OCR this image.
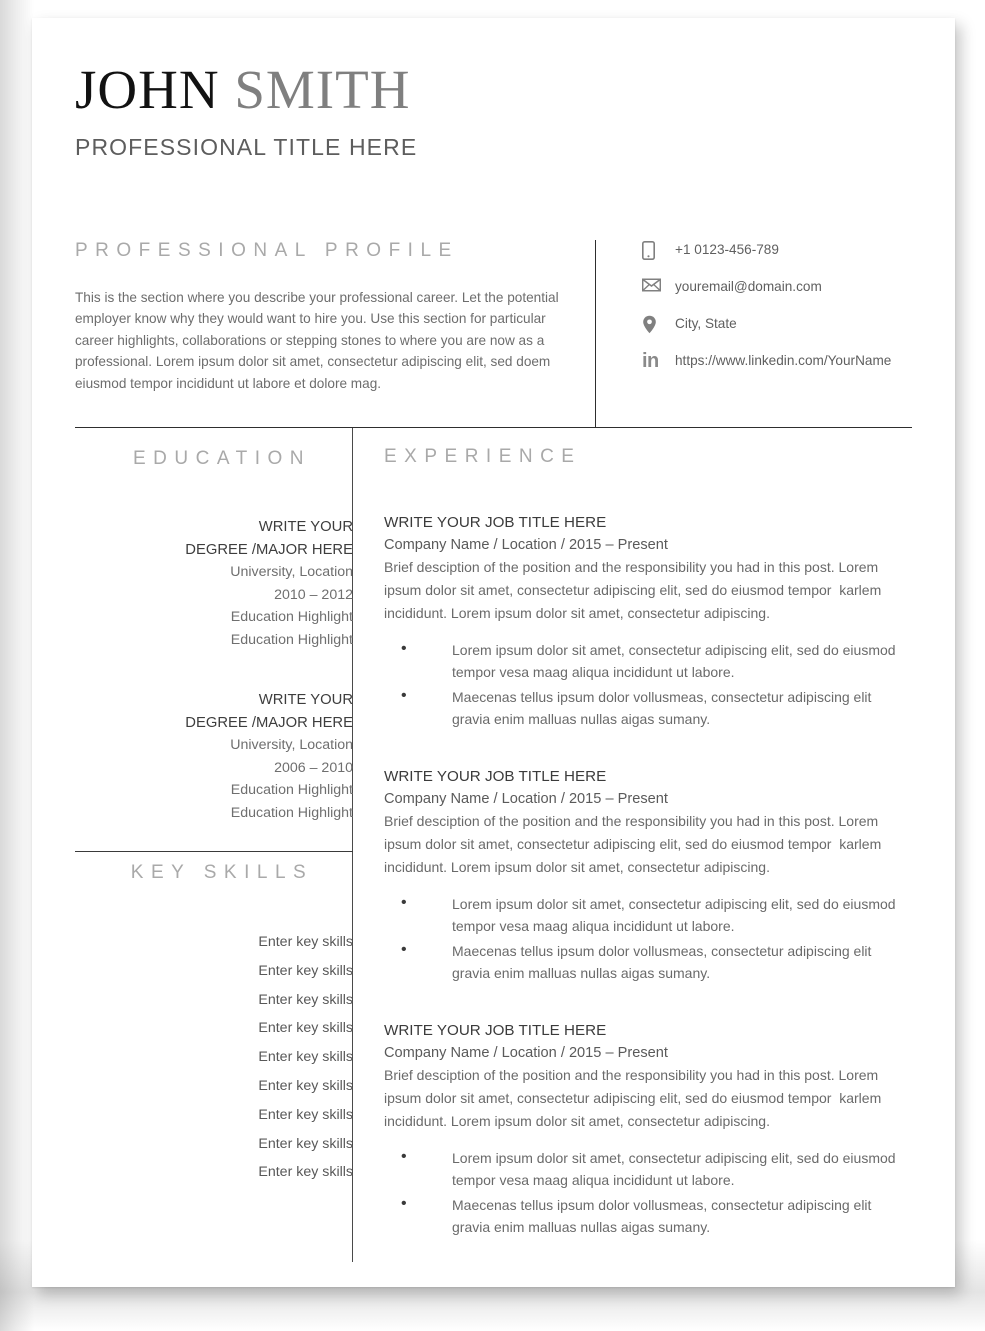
JOHN SMITH
PROFESSIONAL TITLE HERE
PROFESSIONAL PROFILE
This is the section where you describe your professional career. Let the potential employer know why they would want to hire you. Use this section for particular career highlights, collaborations or stepping stones to where you are now as a professional. Lorem ipsum dolor sit amet, consectetur adipiscing elit, sed doem eiusmod tempor incididunt ut labore et dolore mag.
+1 0123-456-789
youremail@domain.com
City, State
in	https://www.linkedin.com/YourName
EDUCATION
WRITE YOUR
DEGREE /MAJOR HERE
University, Location
2010 – 2012
Education Highlight
Education Highlight
WRITE YOUR
DEGREE /MAJOR HERE
University, Location
2006 – 2010
Education Highlight
Education Highlight
KEY SKILLS
Enter key skills
Enter key skills
Enter key skills
Enter key skills
Enter key skills
Enter key skills
Enter key skills
Enter key skills
Enter key skills
EXPERIENCE
WRITE YOUR JOB TITLE HERE
Company Name / Location / 2015 – Present
Brief desciption of the position and the responsibility you had in this post. Lorem ipsum dolor sit amet, consectetur adipiscing elit, sed do eiusmod tempor  karlem incididunt. Lorem ipsum dolor sit amet, consectetur adipiscing.
• Lorem ipsum dolor sit amet, consectetur adipiscing elit, sed do eiusmod tempor vesa maag aliqua incididunt ut labore.
• Maecenas tellus ipsum dolor vollusmeas, consectetur adipiscing elit gravia enim malluas nullas aigas sumany.
WRITE YOUR JOB TITLE HERE
Company Name / Location / 2015 – Present
Brief desciption of the position and the responsibility you had in this post. Lorem ipsum dolor sit amet, consectetur adipiscing elit, sed do eiusmod tempor  karlem incididunt. Lorem ipsum dolor sit amet, consectetur adipiscing.
• Lorem ipsum dolor sit amet, consectetur adipiscing elit, sed do eiusmod tempor vesa maag aliqua incididunt ut labore.
• Maecenas tellus ipsum dolor vollusmeas, consectetur adipiscing elit gravia enim malluas nullas aigas sumany.
WRITE YOUR JOB TITLE HERE
Company Name / Location / 2015 – Present
Brief desciption of the position and the responsibility you had in this post. Lorem ipsum dolor sit amet, consectetur adipiscing elit, sed do eiusmod tempor  karlem incididunt. Lorem ipsum dolor sit amet, consectetur adipiscing.
• Lorem ipsum dolor sit amet, consectetur adipiscing elit, sed do eiusmod tempor vesa maag aliqua incididunt ut labore.
• Maecenas tellus ipsum dolor vollusmeas, consectetur adipiscing elit gravia enim malluas nullas aigas sumany.
